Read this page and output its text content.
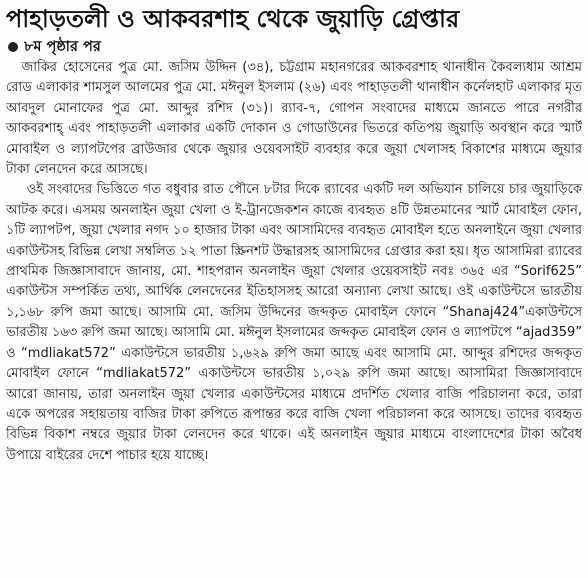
পাহাড়তলী ও আকবরশাহ থেকে জুয়াড়ি গ্রেপ্তার
৮ম পৃষ্ঠার পর

জাকির হোসেনের পুত্র মো. জসিম উদ্দিন (৩৪), চট্টগ্রাম মহানগরের আকবরশাহ থানাধীন কৈবল্যধাম আশ্রম রোড এলাকার শামসুল আলমের পুত্র মো. মঈনুল ইসলাম (২৬) এবং পাহাড়তলী থানাধীন কর্নেলহাট এলাকার মৃত আবদুল মোনাফের পুত্র মো. আব্দুর রশিদ (৩১)। র‌্যাব-৭, গোপন সংবাদের মাধ্যমে জানতে পারে নগরীর আকবরশাহ্ এবং পাহাড়তলী এলাকার একটি দোকান ও গোডাউনের ভিতরে কতিপয় জুয়াড়ি অবস্থান করে স্মার্ট মোবাইল ও ল্যাপটপের ব্রাউজার থেকে জুয়ার ওয়েবসাইট ব্যবহার করে জুয়া খেলাসহ বিকাশের মাধ্যমে জুয়ার টাকা লেনদেন করে আসছে।

ওই সংবাদের ভিত্তিতে গত বধুবার রাত পৌনে ৮টার দিকে র‌্যাবের একটি দল অভিযান চালিয়ে চার জুয়াড়িকে আটক করে। এসময় অনলাইন জুয়া খেলা ও ই-ট্রানজেকশন কাজে ব্যবহৃত ৪টি উন্নতমানের স্মার্ট মোবাইল ফোন, ১টি ল্যাপটপ, জুয়া খেলার নগদ ১০ হাজার টাকা এবং আসামিদের ব্যবহৃত মোবাইল হতে অনলাইনে জুয়া খেলার একাউন্টসহ বিভিন্ন লেখা সম্বলিত ১২ পাতা স্ক্রিনশট উদ্ধারসহ আসামিদের গ্রেপ্তার করা হয়। ধৃত আসামিরা র‌্যাবের প্রাথমিক জিজ্ঞাসাবাদে জানায়, মো. শাহপরান অনলাইন জুয়া খেলার ওয়েবসাইট নবঃ ৩৬৫ এর “Sorif625” একাউন্টস সম্পর্কিত তথ্য, আর্থিক লেনদেনের ইতিহাসসহ আরো অন্যান্য লেখা আছে। ওই একাউন্টসে ভারতীয় ১,১৬৮ রুপি জমা আছে। আসামি মো. জসিম উদ্দিনের জব্দকৃত মোবাইল ফোনে “Shanaj424”একাউন্টসে ভারতীয় ১৬৩ রুপি জমা আছে। আসামি মো. মঈনুল ইসলামের জব্দকৃত মোবাইল ফোন ও ল্যাপটপে “ajad359” ও “mdliakat572” একাউন্টসে ভারতীয় ১,৬২৯ রুপি জমা আছে এবং আসামি মো. আব্দুর রশিদের জব্দকৃত মোবাইল ফোনে “mdliakat572” একাউন্টসে ভারতীয় ১,০২৯ রুপি জমা আছে। আসামিরা জিজ্ঞাসাবাদে আরো জানায়, তারা অনলাইন জুয়া খেলার একাউন্টসের মাধ্যমে প্রদর্শিত খেলার বাজি পরিচালনা করে, তারা একে অপরের সহায়তায় বাজির টাকা রুপিতে রূপান্তর করে বাজি খেলা পরিচালনা করে আসছে। তাদের ব্যবহৃত বিভিন্ন বিকাশ নম্বরে জুয়ার টাকা লেনদেন করে থাকে। এই অনলাইন জুয়ার মাধ্যমে বাংলাদেশের টাকা অবৈধ উপায়ে বাইরের দেশে পাচার হয়ে যাচ্ছে।
